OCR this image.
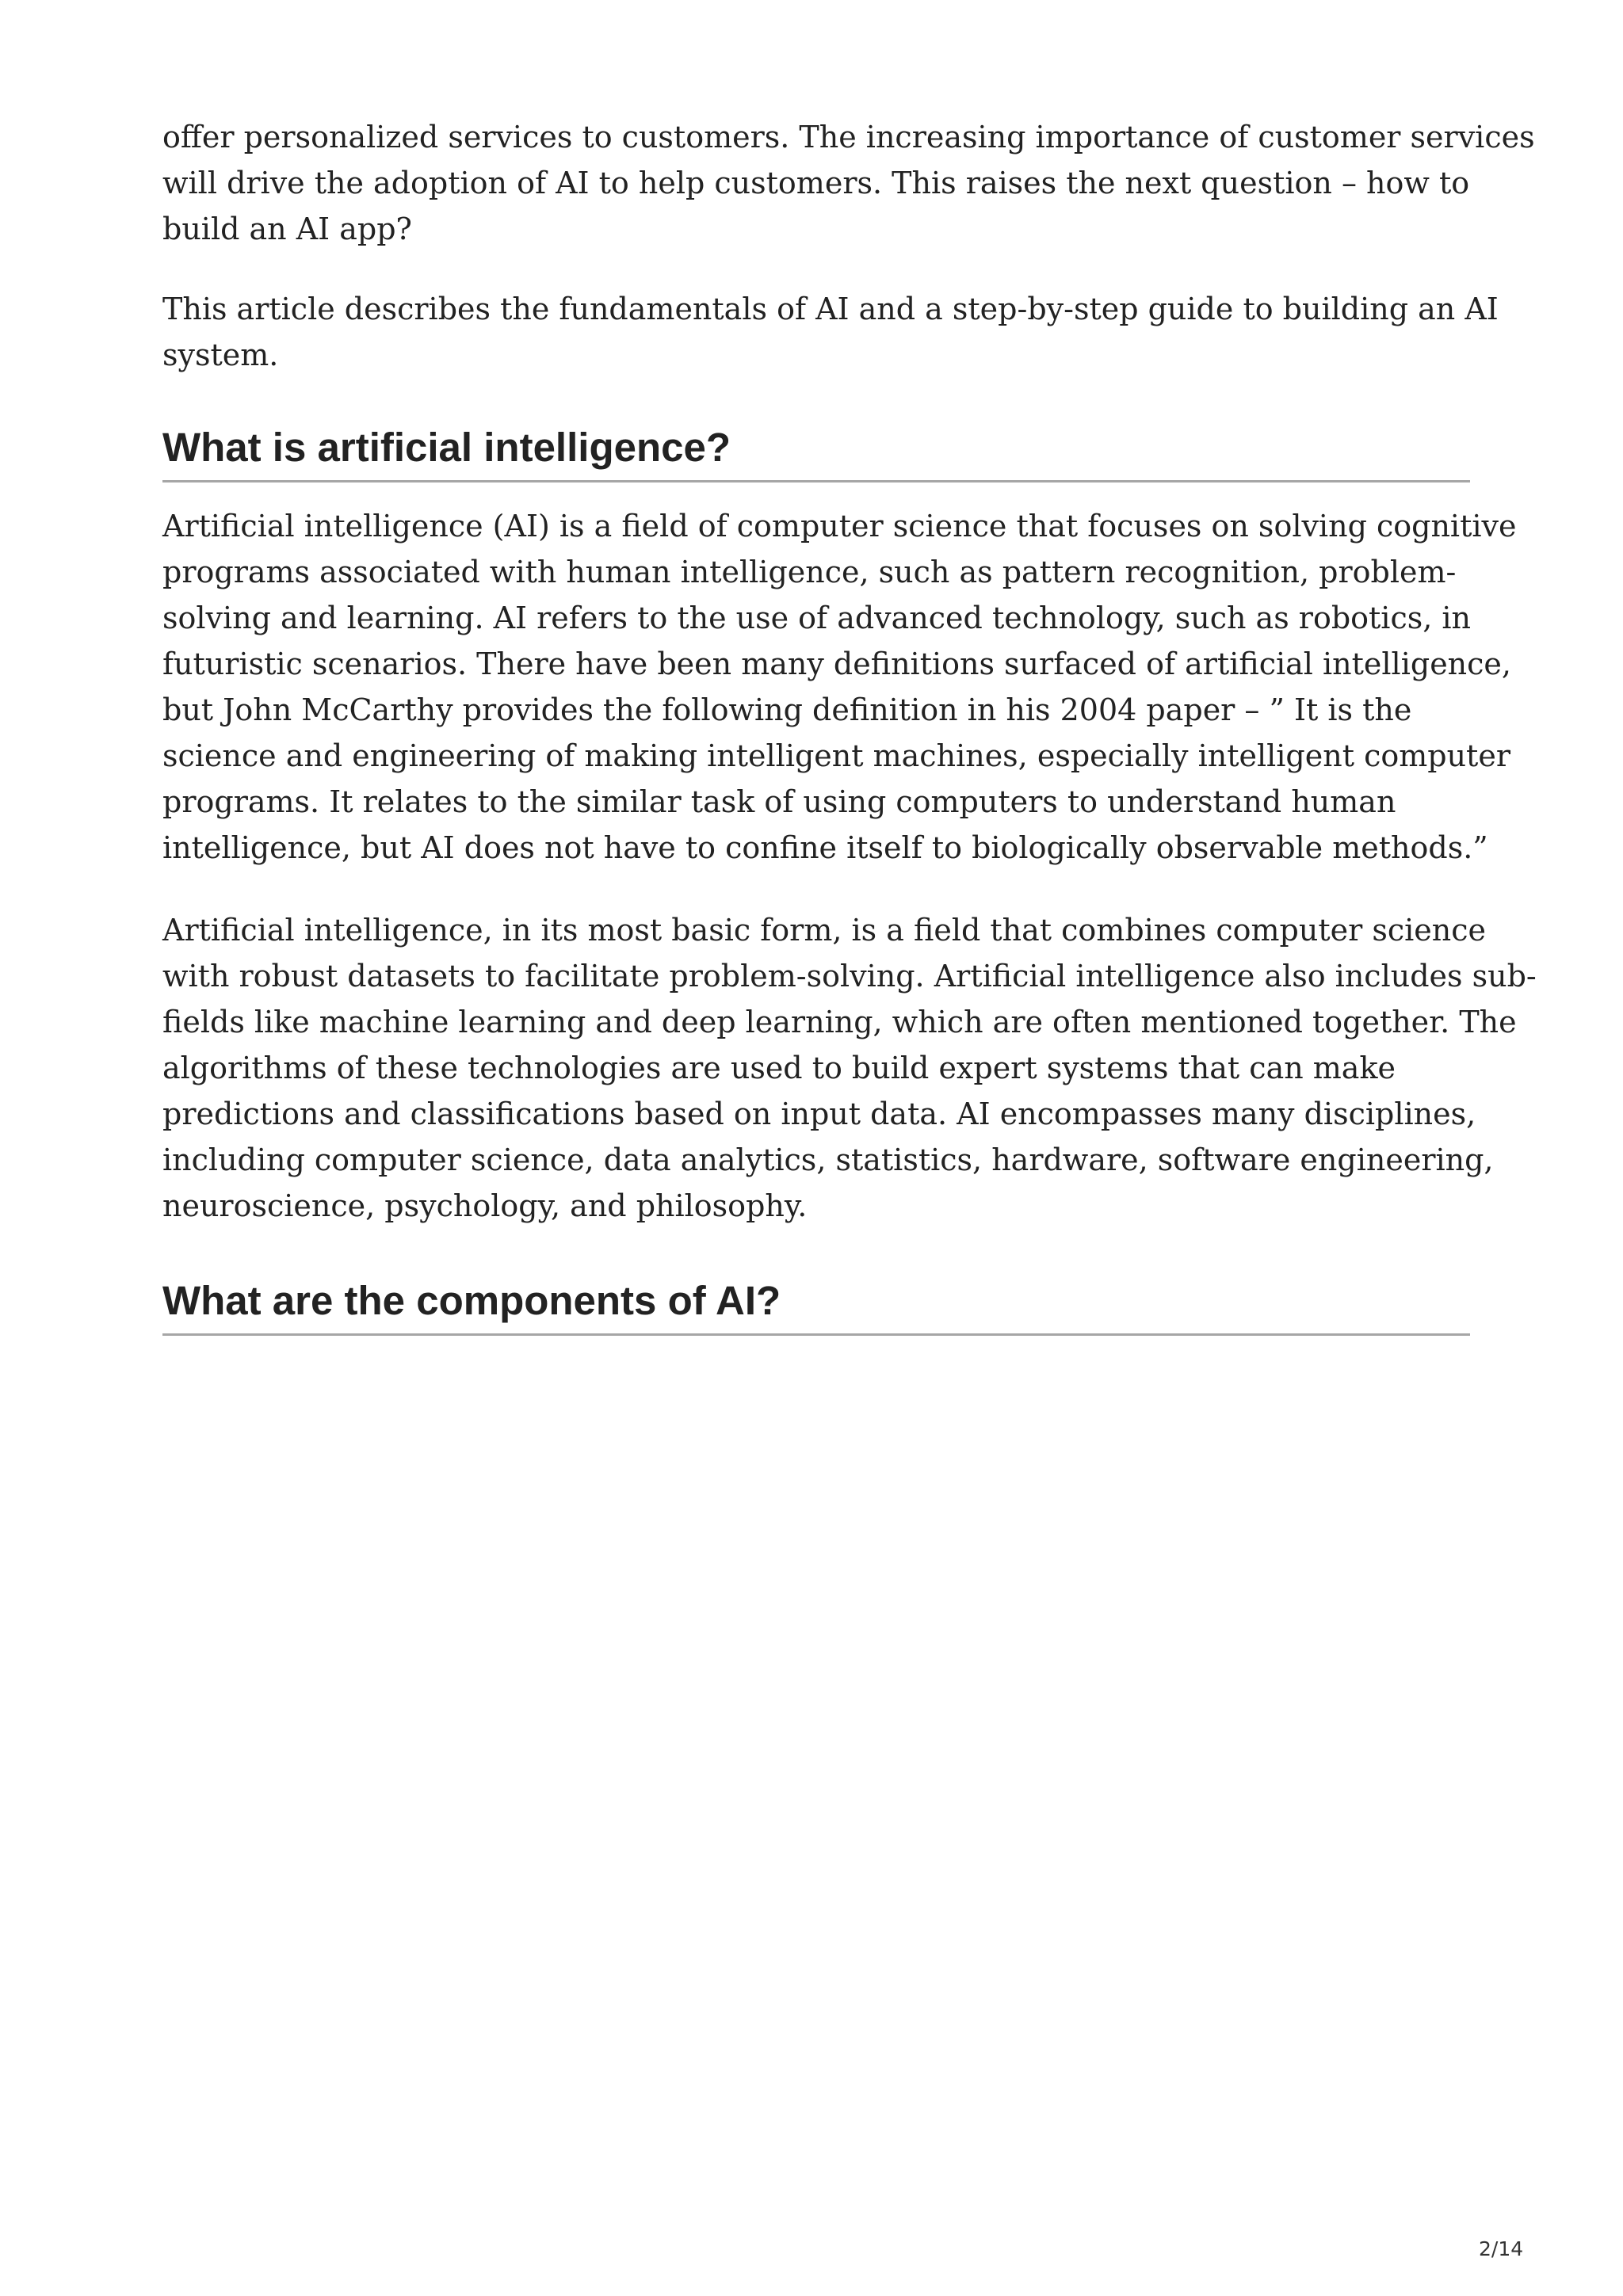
offer personalized services to customers. The increasing importance of customer services
will drive the adoption of AI to help customers. This raises the next question – how to
build an AI app?

This article describes the fundamentals of AI and a step-by-step guide to building an AI
system.

What is artificial intelligence?

Artificial intelligence (AI) is a field of computer science that focuses on solving cognitive
programs associated with human intelligence, such as pattern recognition, problem-
solving and learning. AI refers to the use of advanced technology, such as robotics, in
futuristic scenarios. There have been many definitions surfaced of artificial intelligence,
but John McCarthy provides the following definition in his 2004 paper – ” It is the
science and engineering of making intelligent machines, especially intelligent computer
programs. It relates to the similar task of using computers to understand human
intelligence, but AI does not have to confine itself to biologically observable methods.”

Artificial intelligence, in its most basic form, is a field that combines computer science
with robust datasets to facilitate problem-solving. Artificial intelligence also includes sub-
fields like machine learning and deep learning, which are often mentioned together. The
algorithms of these technologies are used to build expert systems that can make
predictions and classifications based on input data. AI encompasses many disciplines,
including computer science, data analytics, statistics, hardware, software engineering,
neuroscience, psychology, and philosophy.

What are the components of AI?

2/14
